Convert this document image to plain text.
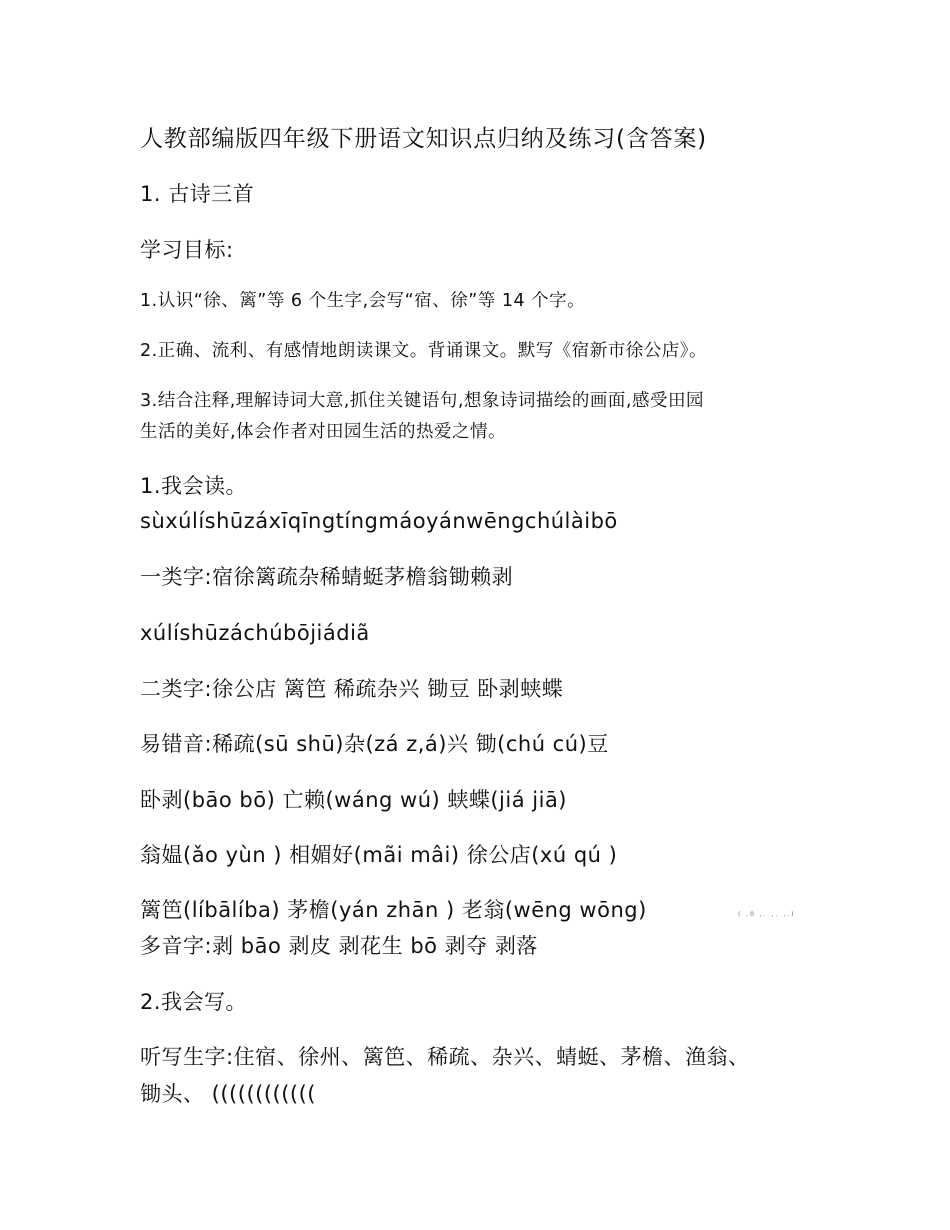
人教部编版四年级下册语文知识点归纳及练习(含答案)
1. 古诗三首
学习目标:
1.认识“徐、篱”等 6 个生字,会写“宿、徐”等 14 个字。
2.正确、流利、有感情地朗读课文。背诵课文。默写《宿新市徐公店》。
3.结合注释,理解诗词大意,抓住关键语句,想象诗词描绘的画面,感受田园
生活的美好,体会作者对田园生活的热爱之情。
1.我会读。
sùxúlíshūzáxīqīngtíngmáoyánwēngchúlàibō
一类字:宿徐篱疏杂稀蜻蜓茅檐翁锄赖剥
xúlíshūzáchúbōjiádiã
二类字:徐公店 篱笆 稀疏杂兴 锄豆 卧剥蛱蝶
易错音:稀疏(sū shū)杂(zá z,á)兴 锄(chú cú)豆
卧剥(bāo bō) 亡赖(wáng wú) 蛱蝶(jiá jiā)
翁媪(ǎo yùn ) 相媚好(mãi mâi) 徐公店(xú qú )
篱笆(líbālíba) 茅檐(yán zhān ) 老翁(wēng wōng)	( ,0 ,. ,. ,.)
多音字:剥 bāo 剥皮 剥花生 bō 剥夺 剥落
2.我会写。
听写生字:住宿、徐州、篱笆、稀疏、杂兴、蜻蜓、茅檐、渔翁、
锄头、 ((((((((((((
